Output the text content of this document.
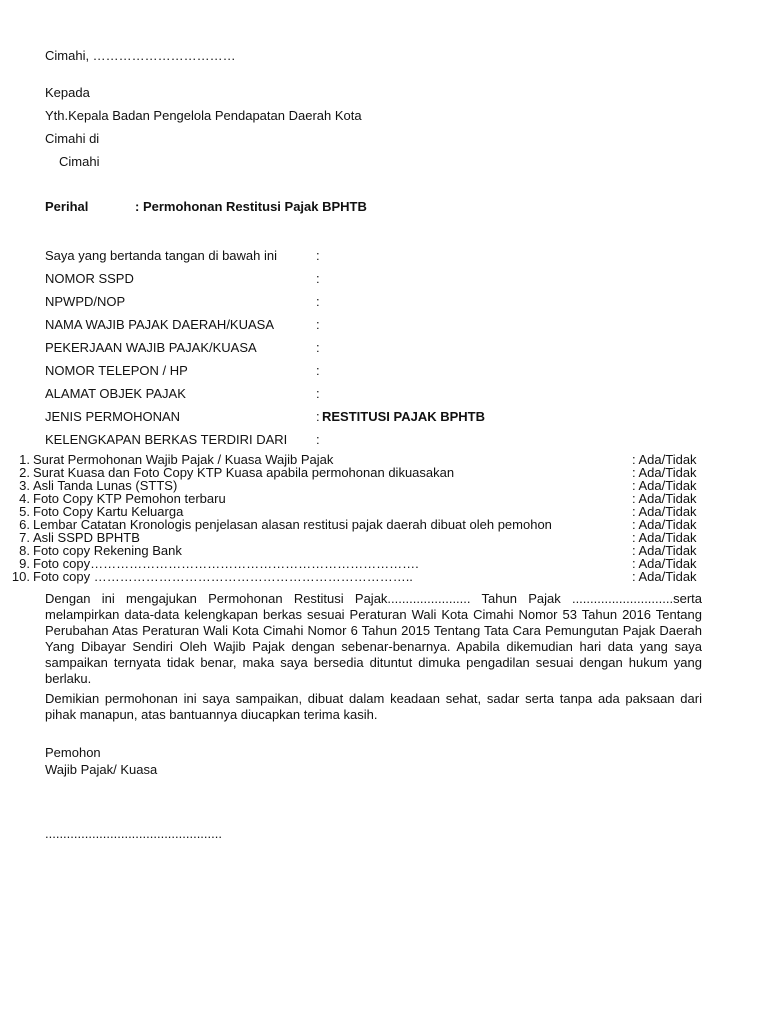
Cimahi, ……………………………
Kepada
Yth.Kepala Badan Pengelola Pendapatan Daerah Kota
Cimahi di
Cimahi
Perihal	: Permohonan Restitusi Pajak BPHTB
Saya yang bertanda tangan di bawah ini	:
NOMOR SSPD	:
NPWPD/NOP	:
NAMA WAJIB PAJAK DAERAH/KUASA	:
PEKERJAAN WAJIB PAJAK/KUASA	:
NOMOR TELEPON / HP	:
ALAMAT OBJEK PAJAK	:
JENIS PERMOHONAN	: RESTITUSI PAJAK BPHTB
KELENGKAPAN BERKAS TERDIRI DARI :
1. Surat Permohonan Wajib Pajak / Kuasa Wajib Pajak	: Ada/Tidak
2. Surat Kuasa dan Foto Copy KTP Kuasa apabila permohonan dikuasakan	: Ada/Tidak
3. Asli Tanda Lunas (STTS)	: Ada/Tidak
4. Foto Copy KTP Pemohon terbaru	: Ada/Tidak
5. Foto Copy Kartu Keluarga	: Ada/Tidak
6. Lembar Catatan Kronologis penjelasan alasan restitusi pajak daerah dibuat oleh pemohon	: Ada/Tidak
7. Asli SSPD BPHTB	: Ada/Tidak
8. Foto copy Rekening Bank	: Ada/Tidak
9. Foto copy………………………………………………………………….	: Ada/Tidak
10. Foto copy ………………………………………………………………..	: Ada/Tidak
Dengan ini mengajukan Permohonan Restitusi Pajak....................... Tahun Pajak ............................serta melampirkan data-data kelengkapan berkas sesuai Peraturan Wali Kota Cimahi Nomor 53 Tahun 2016 Tentang Perubahan Atas Peraturan Wali Kota Cimahi Nomor 6 Tahun 2015 Tentang Tata Cara Pemungutan Pajak Daerah Yang Dibayar Sendiri Oleh Wajib Pajak dengan sebenar-benarnya. Apabila dikemudian hari data yang saya sampaikan ternyata tidak benar, maka saya bersedia dituntut dimuka pengadilan sesuai dengan hukum yang berlaku.
Demikian permohonan ini saya sampaikan, dibuat dalam keadaan sehat, sadar serta tanpa ada paksaan dari pihak manapun, atas bantuannya diucapkan terima kasih.
Pemohon
Wajib Pajak/ Kuasa
.................................................
